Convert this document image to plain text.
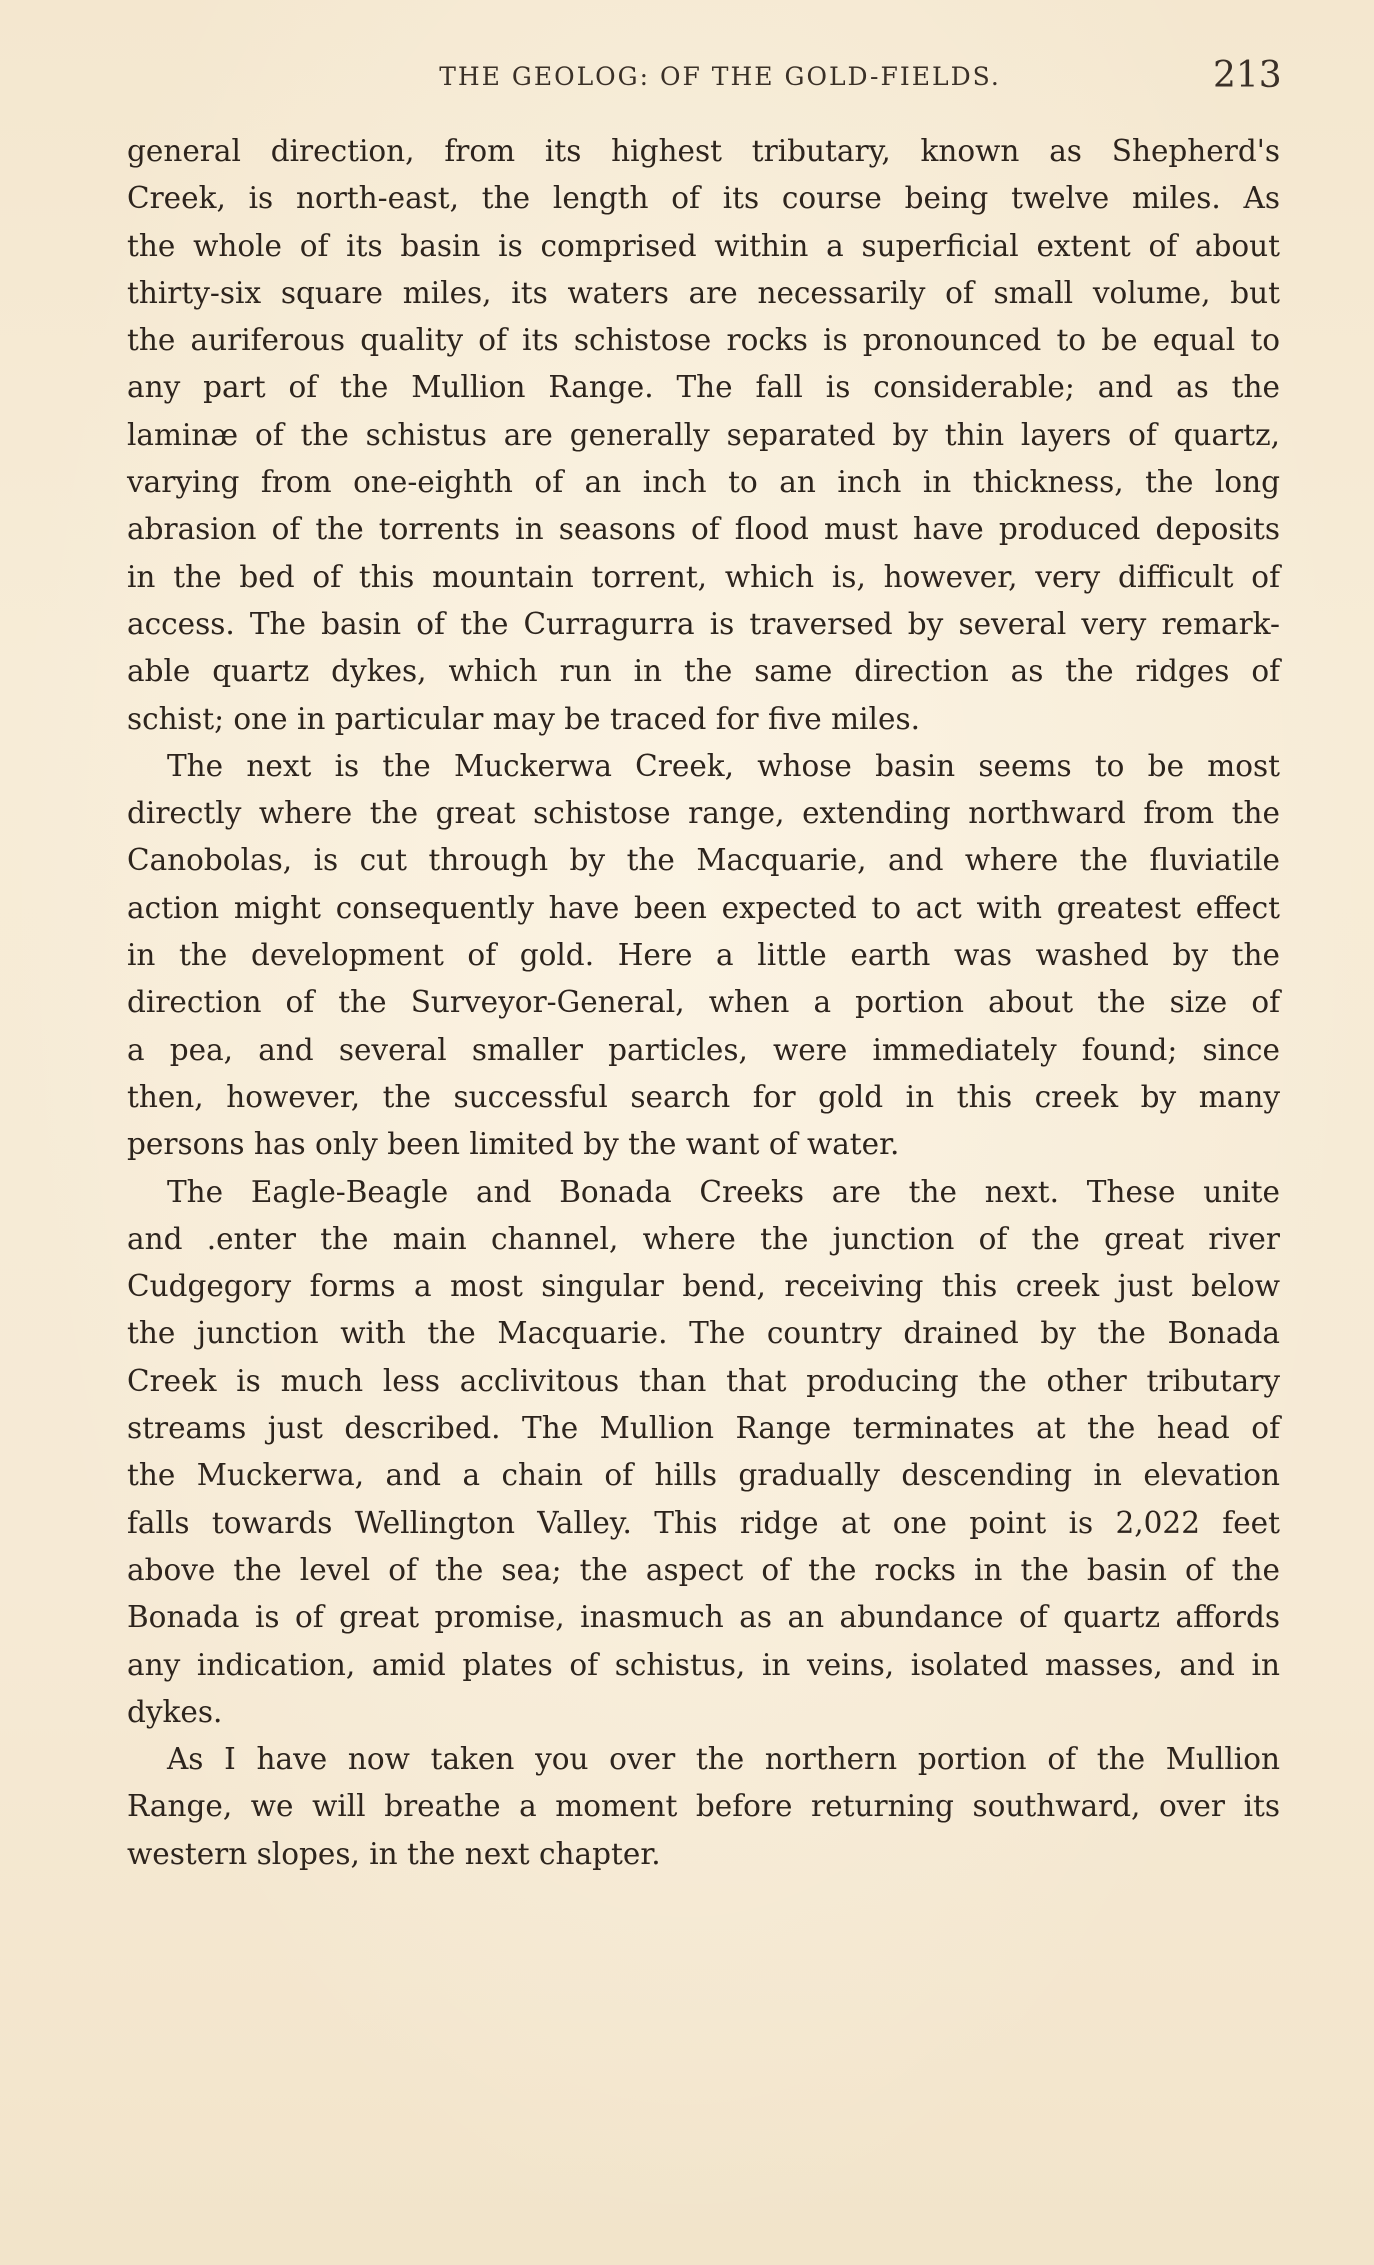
THE GEOLOG: OF THE GOLD-FIELDS.	213
general direction, from its highest tributary, known as Shepherd's
Creek, is north-east, the length of its course being twelve miles. As
the whole of its basin is comprised within a superficial extent of about
thirty-six square miles, its waters are necessarily of small volume, but
the auriferous quality of its schistose rocks is pronounced to be equal to
any part of the Mullion Range. The fall is considerable; and as the
laminæ of the schistus are generally separated by thin layers of quartz,
varying from one-eighth of an inch to an inch in thickness, the long
abrasion of the torrents in seasons of flood must have produced deposits
in the bed of this mountain torrent, which is, however, very difficult of
access. The basin of the Curragurra is traversed by several very remark-
able quartz dykes, which run in the same direction as the ridges of
schist; one in particular may be traced for five miles.
The next is the Muckerwa Creek, whose basin seems to be most
directly where the great schistose range, extending northward from the
Canobolas, is cut through by the Macquarie, and where the fluviatile
action might consequently have been expected to act with greatest effect
in the development of gold. Here a little earth was washed by the
direction of the Surveyor-General, when a portion about the size of
a pea, and several smaller particles, were immediately found; since
then, however, the successful search for gold in this creek by many
persons has only been limited by the want of water.
The Eagle-Beagle and Bonada Creeks are the next. These unite
and .enter the main channel, where the junction of the great river
Cudgegory forms a most singular bend, receiving this creek just below
the junction with the Macquarie. The country drained by the Bonada
Creek is much less acclivitous than that producing the other tributary
streams just described. The Mullion Range terminates at the head of
the Muckerwa, and a chain of hills gradually descending in elevation
falls towards Wellington Valley. This ridge at one point is 2,022 feet
above the level of the sea; the aspect of the rocks in the basin of the
Bonada is of great promise, inasmuch as an abundance of quartz affords
any indication, amid plates of schistus, in veins, isolated masses, and in
dykes.
As I have now taken you over the northern portion of the Mullion
Range, we will breathe a moment before returning southward, over its
western slopes, in the next chapter.
